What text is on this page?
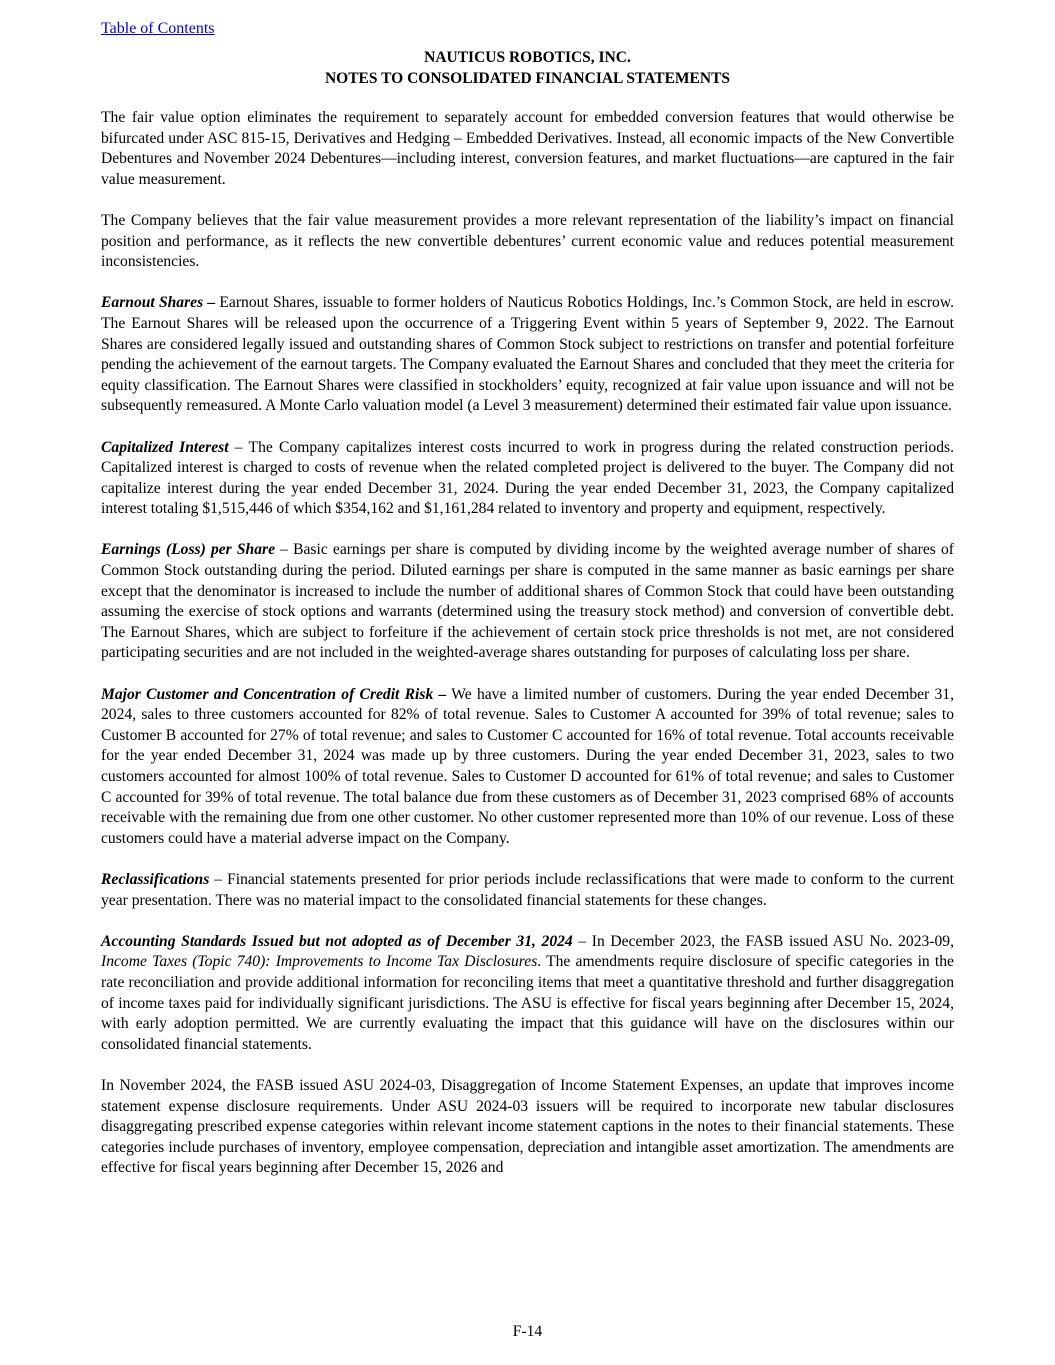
Table of Contents
NAUTICUS ROBOTICS, INC.
NOTES TO CONSOLIDATED FINANCIAL STATEMENTS

The fair value option eliminates the requirement to separately account for embedded conversion features that would otherwise be bifurcated under ASC 815-15, Derivatives and Hedging – Embedded Derivatives. Instead, all economic impacts of the New Convertible Debentures and November 2024 Debentures—including interest, conversion features, and market fluctuations—are captured in the fair value measurement.

The Company believes that the fair value measurement provides a more relevant representation of the liability’s impact on financial position and performance, as it reflects the new convertible debentures’ current economic value and reduces potential measurement inconsistencies.

Earnout Shares – Earnout Shares, issuable to former holders of Nauticus Robotics Holdings, Inc.’s Common Stock, are held in escrow. The Earnout Shares will be released upon the occurrence of a Triggering Event within 5 years of September 9, 2022. The Earnout Shares are considered legally issued and outstanding shares of Common Stock subject to restrictions on transfer and potential forfeiture pending the achievement of the earnout targets. The Company evaluated the Earnout Shares and concluded that they meet the criteria for equity classification. The Earnout Shares were classified in stockholders’ equity, recognized at fair value upon issuance and will not be subsequently remeasured. A Monte Carlo valuation model (a Level 3 measurement) determined their estimated fair value upon issuance.

Capitalized Interest – The Company capitalizes interest costs incurred to work in progress during the related construction periods. Capitalized interest is charged to costs of revenue when the related completed project is delivered to the buyer. The Company did not capitalize interest during the year ended December 31, 2024. During the year ended December 31, 2023, the Company capitalized interest totaling $1,515,446 of which $354,162 and $1,161,284 related to inventory and property and equipment, respectively.

Earnings (Loss) per Share – Basic earnings per share is computed by dividing income by the weighted average number of shares of Common Stock outstanding during the period. Diluted earnings per share is computed in the same manner as basic earnings per share except that the denominator is increased to include the number of additional shares of Common Stock that could have been outstanding assuming the exercise of stock options and warrants (determined using the treasury stock method) and conversion of convertible debt. The Earnout Shares, which are subject to forfeiture if the achievement of certain stock price thresholds is not met, are not considered participating securities and are not included in the weighted-average shares outstanding for purposes of calculating loss per share.

Major Customer and Concentration of Credit Risk – We have a limited number of customers. During the year ended December 31, 2024, sales to three customers accounted for 82% of total revenue. Sales to Customer A accounted for 39% of total revenue; sales to Customer B accounted for 27% of total revenue; and sales to Customer C accounted for 16% of total revenue. Total accounts receivable for the year ended December 31, 2024 was made up by three customers. During the year ended December 31, 2023, sales to two customers accounted for almost 100% of total revenue. Sales to Customer D accounted for 61% of total revenue; and sales to Customer C accounted for 39% of total revenue. The total balance due from these customers as of December 31, 2023 comprised 68% of accounts receivable with the remaining due from one other customer. No other customer represented more than 10% of our revenue. Loss of these customers could have a material adverse impact on the Company.

Reclassifications – Financial statements presented for prior periods include reclassifications that were made to conform to the current year presentation. There was no material impact to the consolidated financial statements for these changes.

Accounting Standards Issued but not adopted as of December 31, 2024 – In December 2023, the FASB issued ASU No. 2023-09, Income Taxes (Topic 740): Improvements to Income Tax Disclosures. The amendments require disclosure of specific categories in the rate reconciliation and provide additional information for reconciling items that meet a quantitative threshold and further disaggregation of income taxes paid for individually significant jurisdictions. The ASU is effective for fiscal years beginning after December 15, 2024, with early adoption permitted. We are currently evaluating the impact that this guidance will have on the disclosures within our consolidated financial statements.

In November 2024, the FASB issued ASU 2024-03, Disaggregation of Income Statement Expenses, an update that improves income statement expense disclosure requirements. Under ASU 2024-03 issuers will be required to incorporate new tabular disclosures disaggregating prescribed expense categories within relevant income statement captions in the notes to their financial statements. These categories include purchases of inventory, employee compensation, depreciation and intangible asset amortization. The amendments are effective for fiscal years beginning after December 15, 2026 and

F-14
